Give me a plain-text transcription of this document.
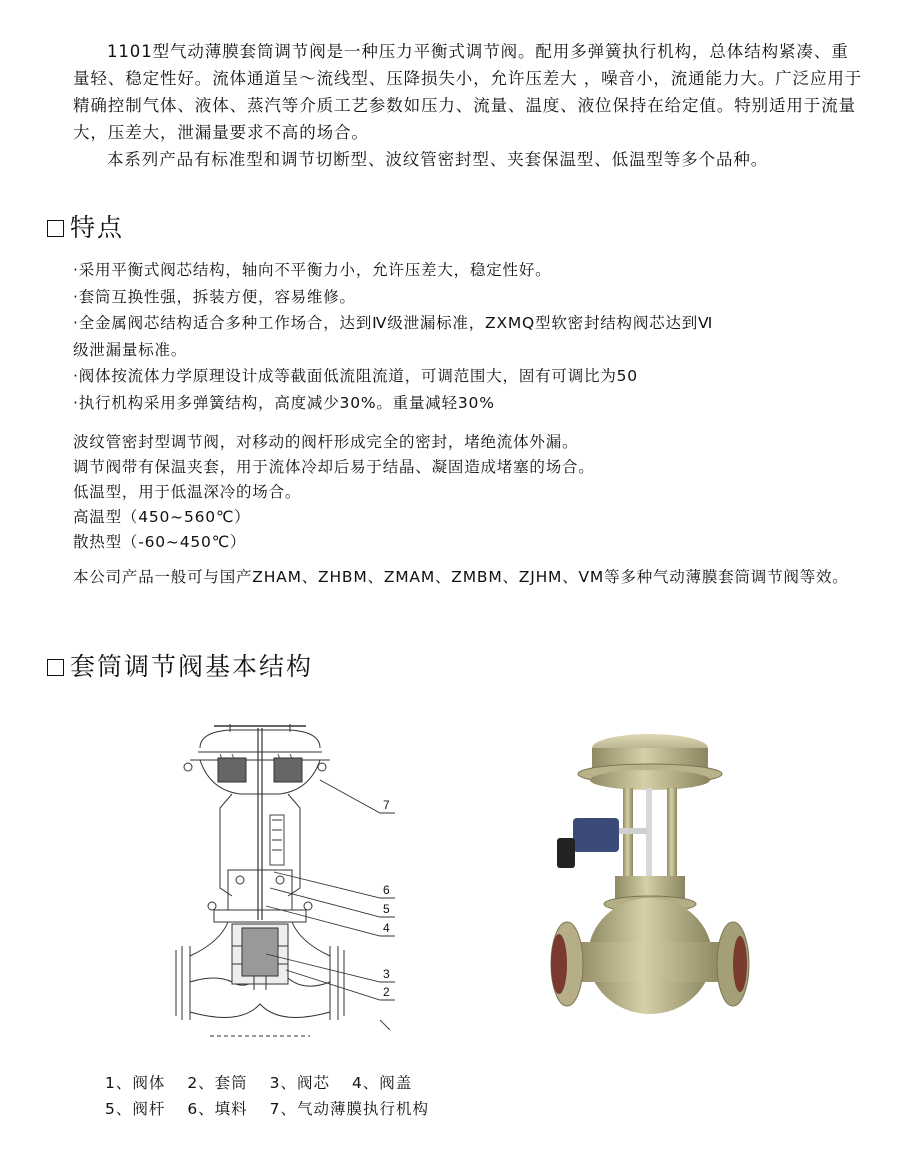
1101型气动薄膜套筒调节阀是一种压力平衡式调节阀。配用多弹簧执行机构，总体结构紧凑、重量轻、稳定性好。流体通道呈～流线型、压降损失小，允许压差大 ，噪音小，流通能力大。广泛应用于精确控制气体、液体、蒸汽等介质工艺参数如压力、流量、温度、液位保持在给定值。特别适用于流量大，压差大，泄漏量要求不高的场合。

本系列产品有标准型和调节切断型、波纹管密封型、夹套保温型、低温型等多个品种。

特点
·采用平衡式阀芯结构，轴向不平衡力小，允许压差大，稳定性好。
·套筒互换性强，拆装方便，容易维修。
·全金属阀芯结构适合多种工作场合，达到Ⅳ级泄漏标准，ZXMQ型软密封结构阀芯达到Ⅵ
级泄漏量标准。
·阀体按流体力学原理设计成等截面低流阻流道，可调范围大，固有可调比为50
·执行机构采用多弹簧结构，高度减少30%。重量减轻30%
波纹管密封型调节阀，对移动的阀杆形成完全的密封，堵绝流体外漏。
调节阀带有保温夹套，用于流体冷却后易于结晶、凝固造成堵塞的场合。
低温型，用于低温深冷的场合。
高温型（450~560℃）
散热型（-60~450℃）
本公司产品一般可与国产ZHAM、ZHBM、ZMAM、ZMBM、ZJHM、VM等多种气动薄膜套筒调节阀等效。
套筒调节阀基本结构
7
6
5
4
3
2
1、阀体 2、套筒 3、阀芯 4、阀盖
5、阀杆 6、填料 7、气动薄膜执行机构
